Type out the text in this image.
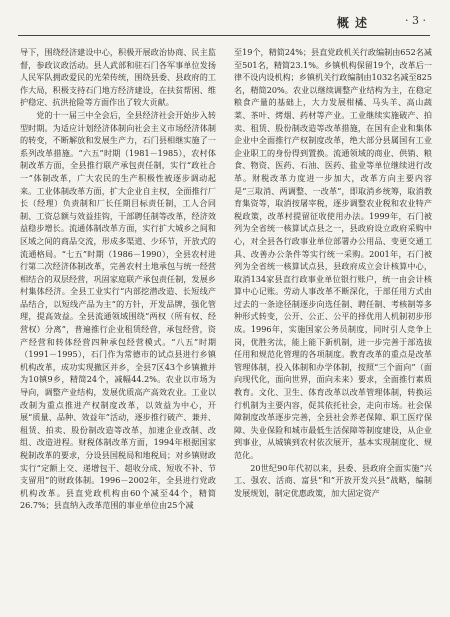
概 述	· 3 ·

导下，围绕经济建设中心，积极开展政治协商、民主监督，参政议政活动。县人武部和驻石门各军事单位发扬人民军队拥政爱民的光荣传统，围绕县委、县政府的工作大局，积极支持石门地方经济建设，在扶贫帮困、维护稳定、抗洪抢险等方面作出了较大贡献。

党的十一届三中全会后，全县经济社会开始步入转型时期。为适应计划经济体制向社会主义市场经济体制的转变，不断解放和发展生产力，石门县相继实施了一系列改革措施。“六五”时期（1981－1985），农村体制改革方面，全县推行联产承包责任制，实行“政社合一”体制改革，广大农民的生产积极性被逐步调动起来。工业体制改革方面，扩大企业自主权，全面推行厂长（经理）负责制和厂长任期目标责任制，工人合同制、工资总额与效益挂钩，干部聘任制等改革，经济效益稳步增长。流通体制改革方面，实行扩大城乡之间和区域之间的商品交流，形成多渠道、少环节，开放式的流通格局。“七五”时期（1986－1990），全县农村进行第二次经济体制改革，完善农村土地承包与统一经营相结合的双层经营，巩固家庭联产承包责任制，发展乡村集体经济。全县工业实行“内部挖潜改造、长短线产品结合，以短线产品为主”的方针，开发品牌，强化管理，提高效益。全县流通领域围绕“两权（所有权、经营权）分离”，普遍推行企业租赁经营，承包经营，资产经营和转体经营四种承包经营模式。“八五”时期（1991－1995），石门作为常德市的试点县进行乡镇机构改革，成功实现撤区并乡，全县7区43个乡镇撤并为10镇9乡，精简24个，减幅44.2%。农业以市场为导向，调整产业结构，发展优质高产高效农业。工业以改制为重点推进产权制度改革，以效益为中心，开展“质量、品种、效益年”活动，逐步推行破产、兼并、租赁、拍卖、股份制改造等改革，加速企业改制、改组、改造进程。财税体制改革方面，1994年根据国家税制改革的要求，分设县国税局和地税局；对乡镇财政实行“定额上交、递增包干、超收分成、短收不补、节支留用”的财政体制。1996－2002年，全县进行党政机构改革。县直党政机构由60个减至44个，精简26.7%；县直纳入改革范围的事业单位由25个减

至19个，精简24%；县直党政机关行政编制由652名减至501名，精简23.1%。乡镇机构保留19个，改革后一律不设内设机构；乡镇机关行政编制由1032名减至825名，精简20%。农业以继续调整产业结构为主，在稳定粮食产量的基础上，大力发展柑橘、马头羊、高山蔬菜、茶叶、烤烟、药材等产业。工业继续实施破产、拍卖、租赁、股份制改造等改革措施，在国有企业和集体企业中全面推行产权制度改革，绝大部分县属国有工业企业职工的身份得到置换。流通领域的商业、供销、粮食、物资、医药、石油、医药、盐业等单位继续进行改革。财税改革力度进一步加大，改革方向主要内容是“三取消、两调整、一改革”，即取消乡统筹，取消教育集资等，取消按屠宰税，逐步调整农业税和农业特产税政策，改革村提留征收使用办法。1999年，石门被列为全省统一核算试点县之一，县政府设立政府采购中心，对全县各行政事业单位部署办公用品、变更交通工具、改善办公条件等实行统一采购。2001年，石门被列为全省统一核算试点县，县政府成立会计核算中心，取消134家县直行政事业单位银行账户，统一由会计核算中心记账。劳动人事改革不断深化，于部任用方式由过去的一条途径制逐步向选任制、聘任制、考核制等多种形式转变，公开、公正、公平的择优用人机制初步形成。1996年，实施国家公务员制度，同时引人竞争上岗，优胜劣汰，能上能下新机制，进一步完善于部选拔任用和规范化管理的各项制度。教育改革的重点是改革管理体制，投入体制和办学体制，按照“三个面向”（面向现代化，面向世界，面向未来）要求，全面推行素质教育。文化、卫生、体育改革以改革管理体制，转换运行机制为主要内容，促其依托社会，走向市场。社会保障制度改革逐步完善，全县社会养老保障、职工医疗保障、失业保险和城市最低生活保障等制度建设，从企业到事业，从城镇到农村依次展开，基本实现制度化、规范化。

20世纪90年代初以来，县委、县政府全面实施“兴工、强农、活商、富县”和“开放开发兴县”战略，编制发展规划，制定优惠政策，加大固定资产
